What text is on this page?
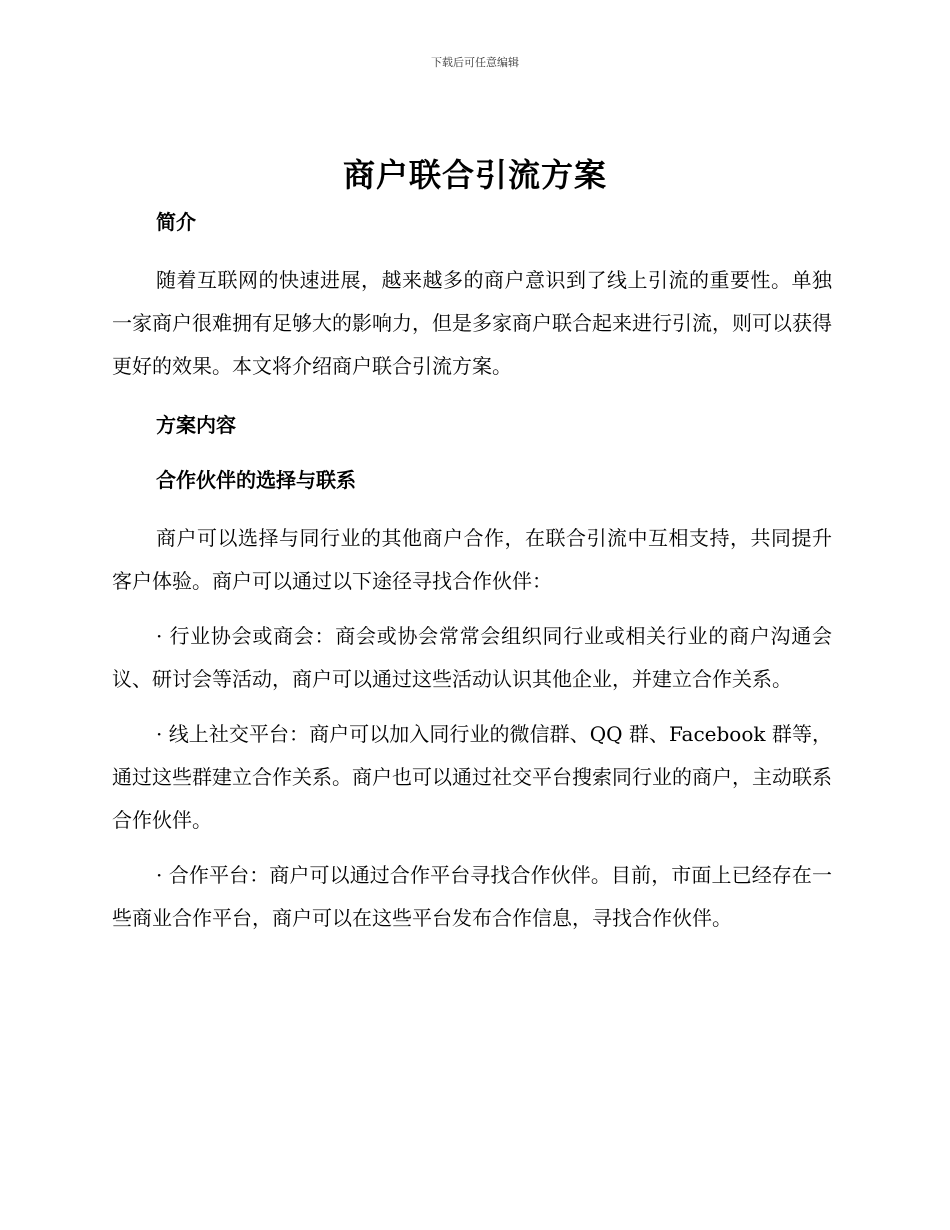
下载后可任意编辑
商户联合引流方案

简介

随着互联网的快速进展，越来越多的商户意识到了线上引流的重要性。单独一家商户很难拥有足够大的影响力，但是多家商户联合起来进行引流，则可以获得更好的效果。本文将介绍商户联合引流方案。

方案内容

合作伙伴的选择与联系

商户可以选择与同行业的其他商户合作，在联合引流中互相支持，共同提升客户体验。商户可以通过以下途径寻找合作伙伴：

· 行业协会或商会：商会或协会常常会组织同行业或相关行业的商户沟通会议、研讨会等活动，商户可以通过这些活动认识其他企业，并建立合作关系。

· 线上社交平台：商户可以加入同行业的微信群、QQ 群、Facebook 群等，通过这些群建立合作关系。商户也可以通过社交平台搜索同行业的商户，主动联系合作伙伴。

· 合作平台：商户可以通过合作平台寻找合作伙伴。目前，市面上已经存在一些商业合作平台，商户可以在这些平台发布合作信息，寻找合作伙伴。
